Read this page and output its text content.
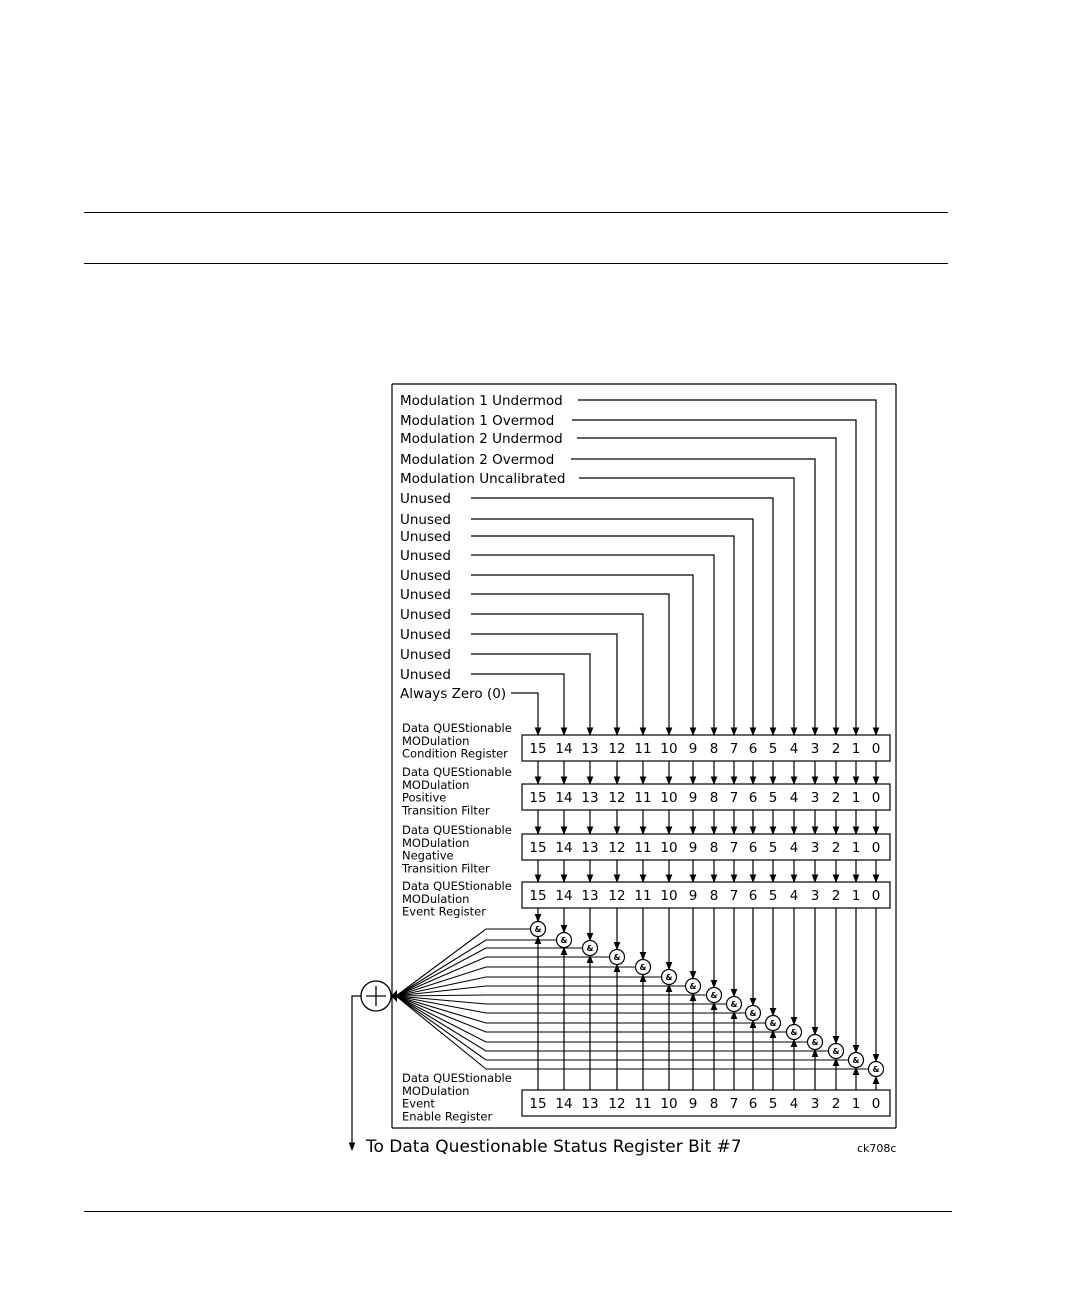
Modulation 1 Undermod
Modulation 1 Overmod
Modulation 2 Undermod
Modulation 2 Overmod
Modulation Uncalibrated
Unused
Unused
Unused
Unused
Unused
Unused
Unused
Unused
Unused
Unused
Always Zero (0)
Data QUEStionable
MODulation
Condition Register 15 14 13 12 11 10 9 8 7 6 5 4 3 2 1 0
Data QUEStionable
MODulation
Positive
Transition Filter
15 14 13 12 11 10 9 8 7 6 5 4 3 2 1 0
Data QUEStionable
MODulation
Negative
Transition Filter
15 14 13 12 11 10 9 8 7 6 5 4 3 2 1 0
Data QUEStionable
MODulation
Event Register
15 14 13 12 11 10 9 8 7 6 5 4 3 2 1 0
Data QUEStionable
MODulation
Event
Enable Register
15 14 13 12 11 10 9 8 7 6 5 4 3 2 1 0
&
&
&
&
&
&
&
&
&
&
&
&
&
&
&
&
To Data Questionable Status Register Bit #7	ck708c
